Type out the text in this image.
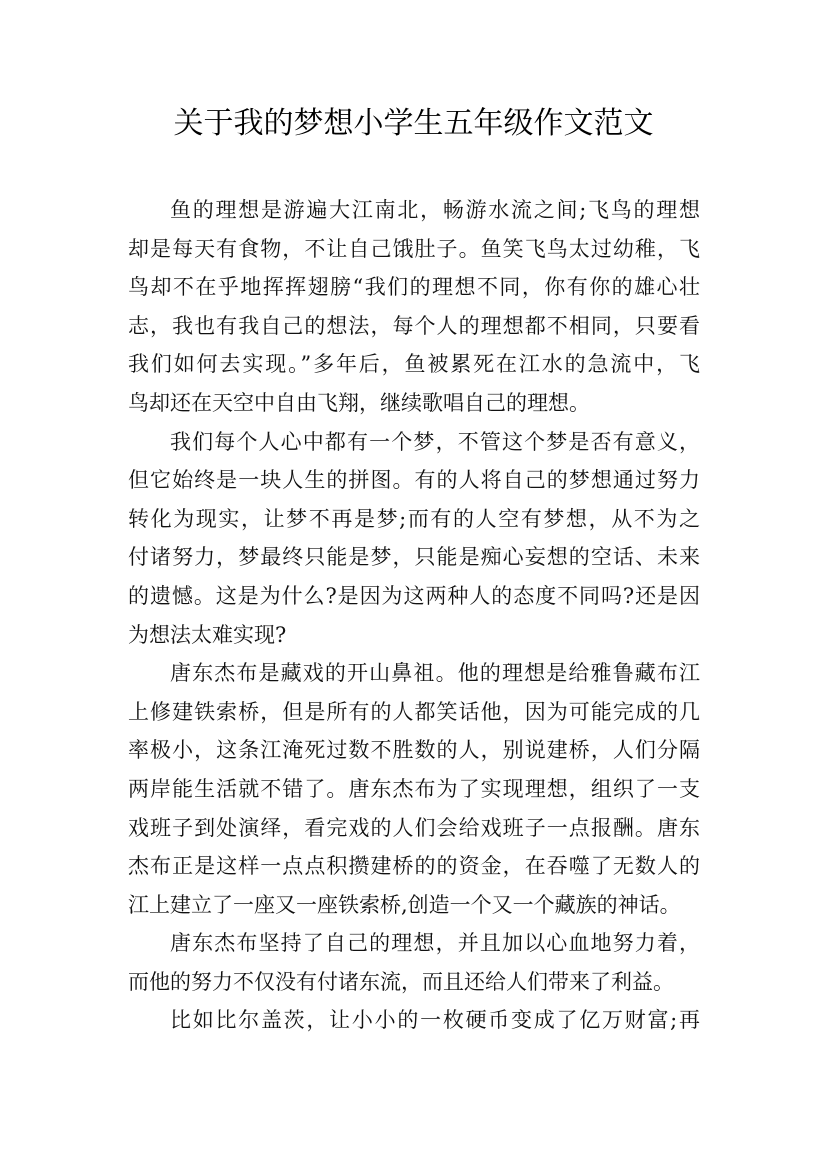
关于我的梦想小学生五年级作文范文
鱼的理想是游遍大江南北，畅游水流之间;飞鸟的理想
却是每天有食物，不让自己饿肚子。鱼笑飞鸟太过幼稚，飞
鸟却不在乎地挥挥翅膀“我们的理想不同，你有你的雄心壮
志，我也有我自己的想法，每个人的理想都不相同，只要看
我们如何去实现。”多年后，鱼被累死在江水的急流中，飞
鸟却还在天空中自由飞翔，继续歌唱自己的理想。
我们每个人心中都有一个梦，不管这个梦是否有意义，
但它始终是一块人生的拼图。有的人将自己的梦想通过努力
转化为现实，让梦不再是梦;而有的人空有梦想，从不为之
付诸努力，梦最终只能是梦，只能是痴心妄想的空话、未来
的遗憾。这是为什么?是因为这两种人的态度不同吗?还是因
为想法太难实现?
唐东杰布是藏戏的开山鼻祖。他的理想是给雅鲁藏布江
上修建铁索桥，但是所有的人都笑话他，因为可能完成的几
率极小，这条江淹死过数不胜数的人，别说建桥，人们分隔
两岸能生活就不错了。唐东杰布为了实现理想，组织了一支
戏班子到处演绎，看完戏的人们会给戏班子一点报酬。唐东
杰布正是这样一点点积攒建桥的的资金，在吞噬了无数人的
江上建立了一座又一座铁索桥,创造一个又一个藏族的神话。
唐东杰布坚持了自己的理想，并且加以心血地努力着，
而他的努力不仅没有付诸东流，而且还给人们带来了利益。
比如比尔盖茨，让小小的一枚硬币变成了亿万财富;再
